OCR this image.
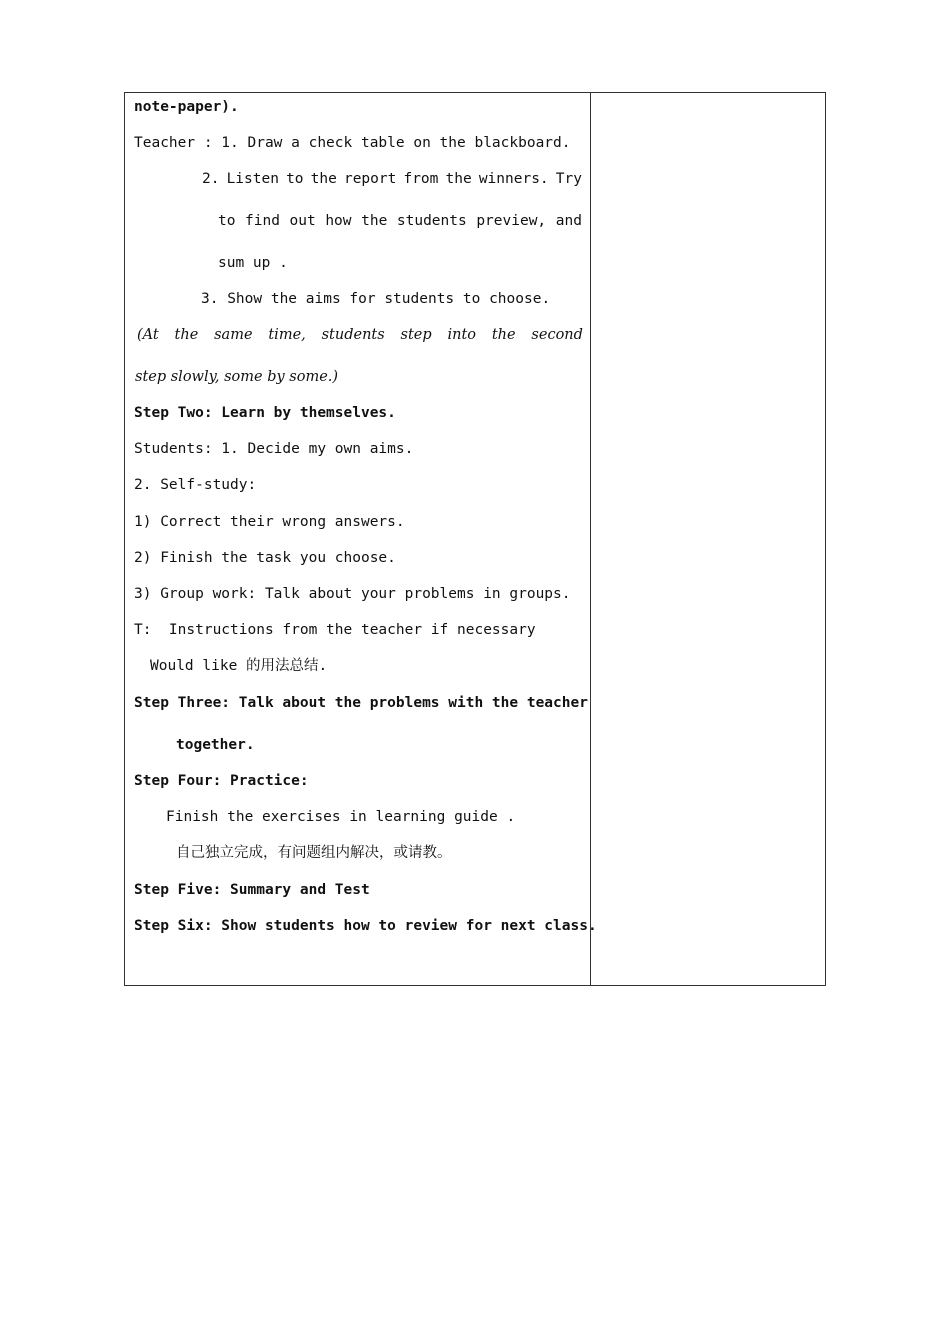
note-paper).
Teacher : 1. Draw a check table on the blackboard.
2. Listen to the report from the winners. Try
to find out how the students preview, and
sum up .
3. Show the aims for students to choose.
(At the same time, students step into the second
step slowly, some by some.)
Step Two: Learn by themselves.
Students: 1. Decide my own aims.
2. Self-study:
1) Correct their wrong answers.
2) Finish the task you choose.
3) Group work: Talk about your problems in groups.
T:  Instructions from the teacher if necessary
Would like 的用法总结.
Step Three: Talk about the problems with the teacher
together.
Step Four: Practice:
Finish the exercises in learning guide .
自己独立完成，有问题组内解决，或请教。
Step Five: Summary and Test
Step Six: Show students how to review for next class.
